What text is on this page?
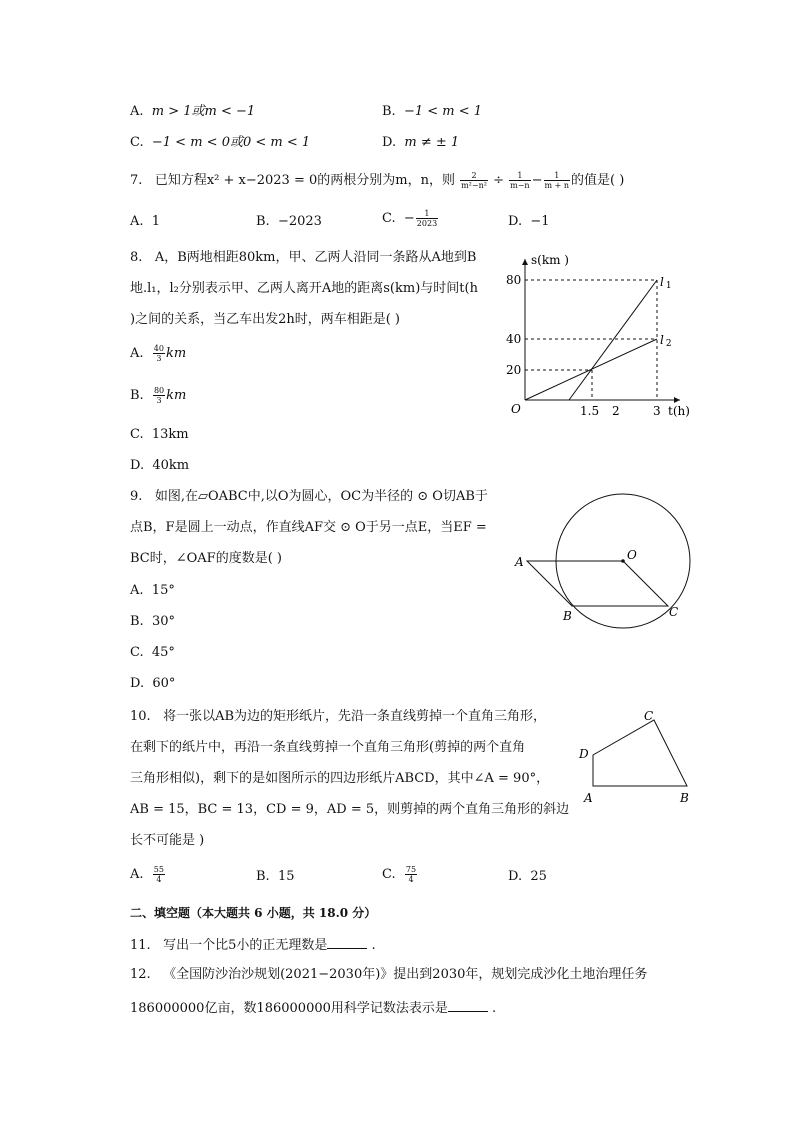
A. m > 1或m < −1	B. −1 < m < 1
C. −1 < m < 0或0 < m < 1	D. m ≠ ± 1
7. 已知方程x² + x−2023 = 0的两根分别为m，n，则 $\frac{2}{\text{m²−n²}} \div \frac{1}{m-n} - \frac{1}{m + n}$ 的值是( )
A. 1	B. −2023	C. − $\frac{1}{2023}$	D. −1
8. A，B两地相距80km，甲、乙两人沿同一条路从A地到B
地.l₁，l₂分别表示甲、乙两人离开A地的距离s(km)与时间t(h
)之间的关系，当乙车出发2h时，两车相距是( )
A. $\frac{40}{3}$ km
B. $\frac{80}{3}$ km
C. 13km
D. 40km
s(km )
t(h)
O
80
40
20
1.5 2	3
l 1
l 2
9. 如图,在▱OABC中,以O为圆心，OC为半径的 ⊙ O切AB于
点B，F是圆上一动点，作直线AF交 ⊙ O于另一点E，当EF =
BC时，∠OAF的度数是( )
A. 15°
B. 30°
C. 45°
D. 60°
A	O
B	C
10. 将一张以AB为边的矩形纸片，先沿一条直线剪掉一个直角三角形，
在剩下的纸片中，再沿一条直线剪掉一个直角三角形(剪掉的两个直角
三角形相似)，剩下的是如图所示的四边形纸片ABCD，其中∠A = 90°，
AB = 15，BC = 13，CD = 9，AD = 5，则剪掉的两个直角三角形的斜边
长不可能是 )
A. $\frac{55}{4}$	B. 15	C. $\frac{75}{4}$	D. 25
A	B
C
D
二、填空题（本大题共 6 小题，共 18.0 分）
11. 写出一个比5小的正无理数是	.
12. 《全国防沙治沙规划(2021−2030年)》提出到2030年，规划完成沙化土地治理任务
186000000亿亩，数186000000用科学记数法表示是	.
